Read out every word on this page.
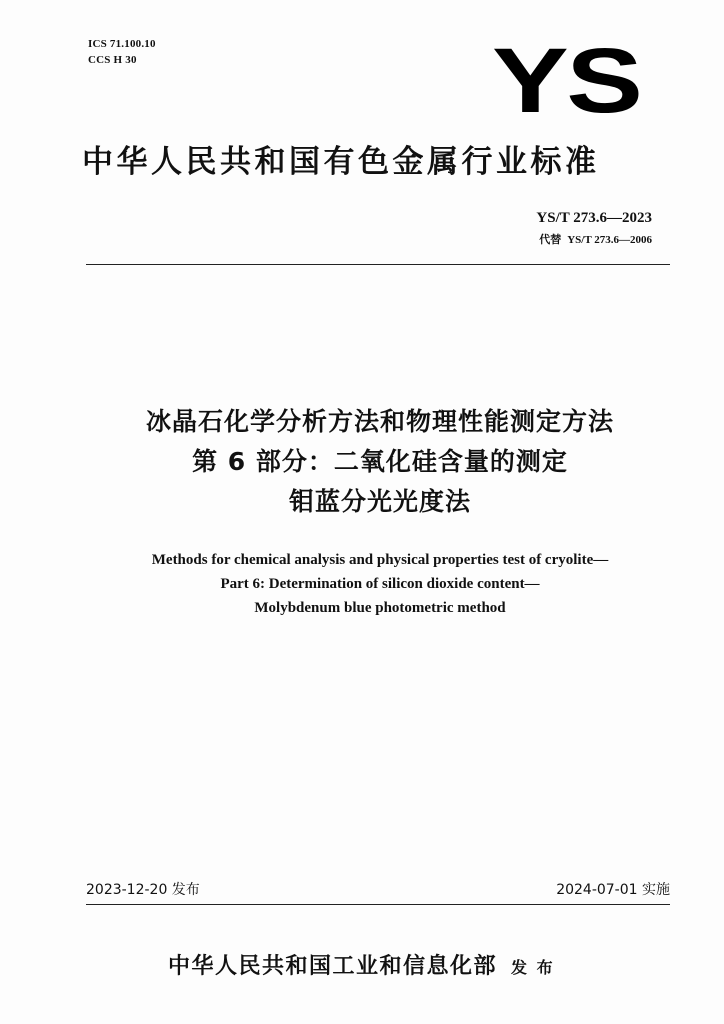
ICS 71.100.10
CCS H 30	YS
中华人民共和国有色金属行业标准
YS/T 273.6—2023
代替 YS/T 273.6—2006
冰晶石化学分析方法和物理性能测定方法
第 6 部分：二氧化硅含量的测定
钼蓝分光光度法
Methods for chemical analysis and physical properties test of cryolite—
Part 6: Determination of silicon dioxide content—
Molybdenum blue photometric method
2023-12-20 发布	2024-07-01 实施
中华人民共和国工业和信息化部 发 布
